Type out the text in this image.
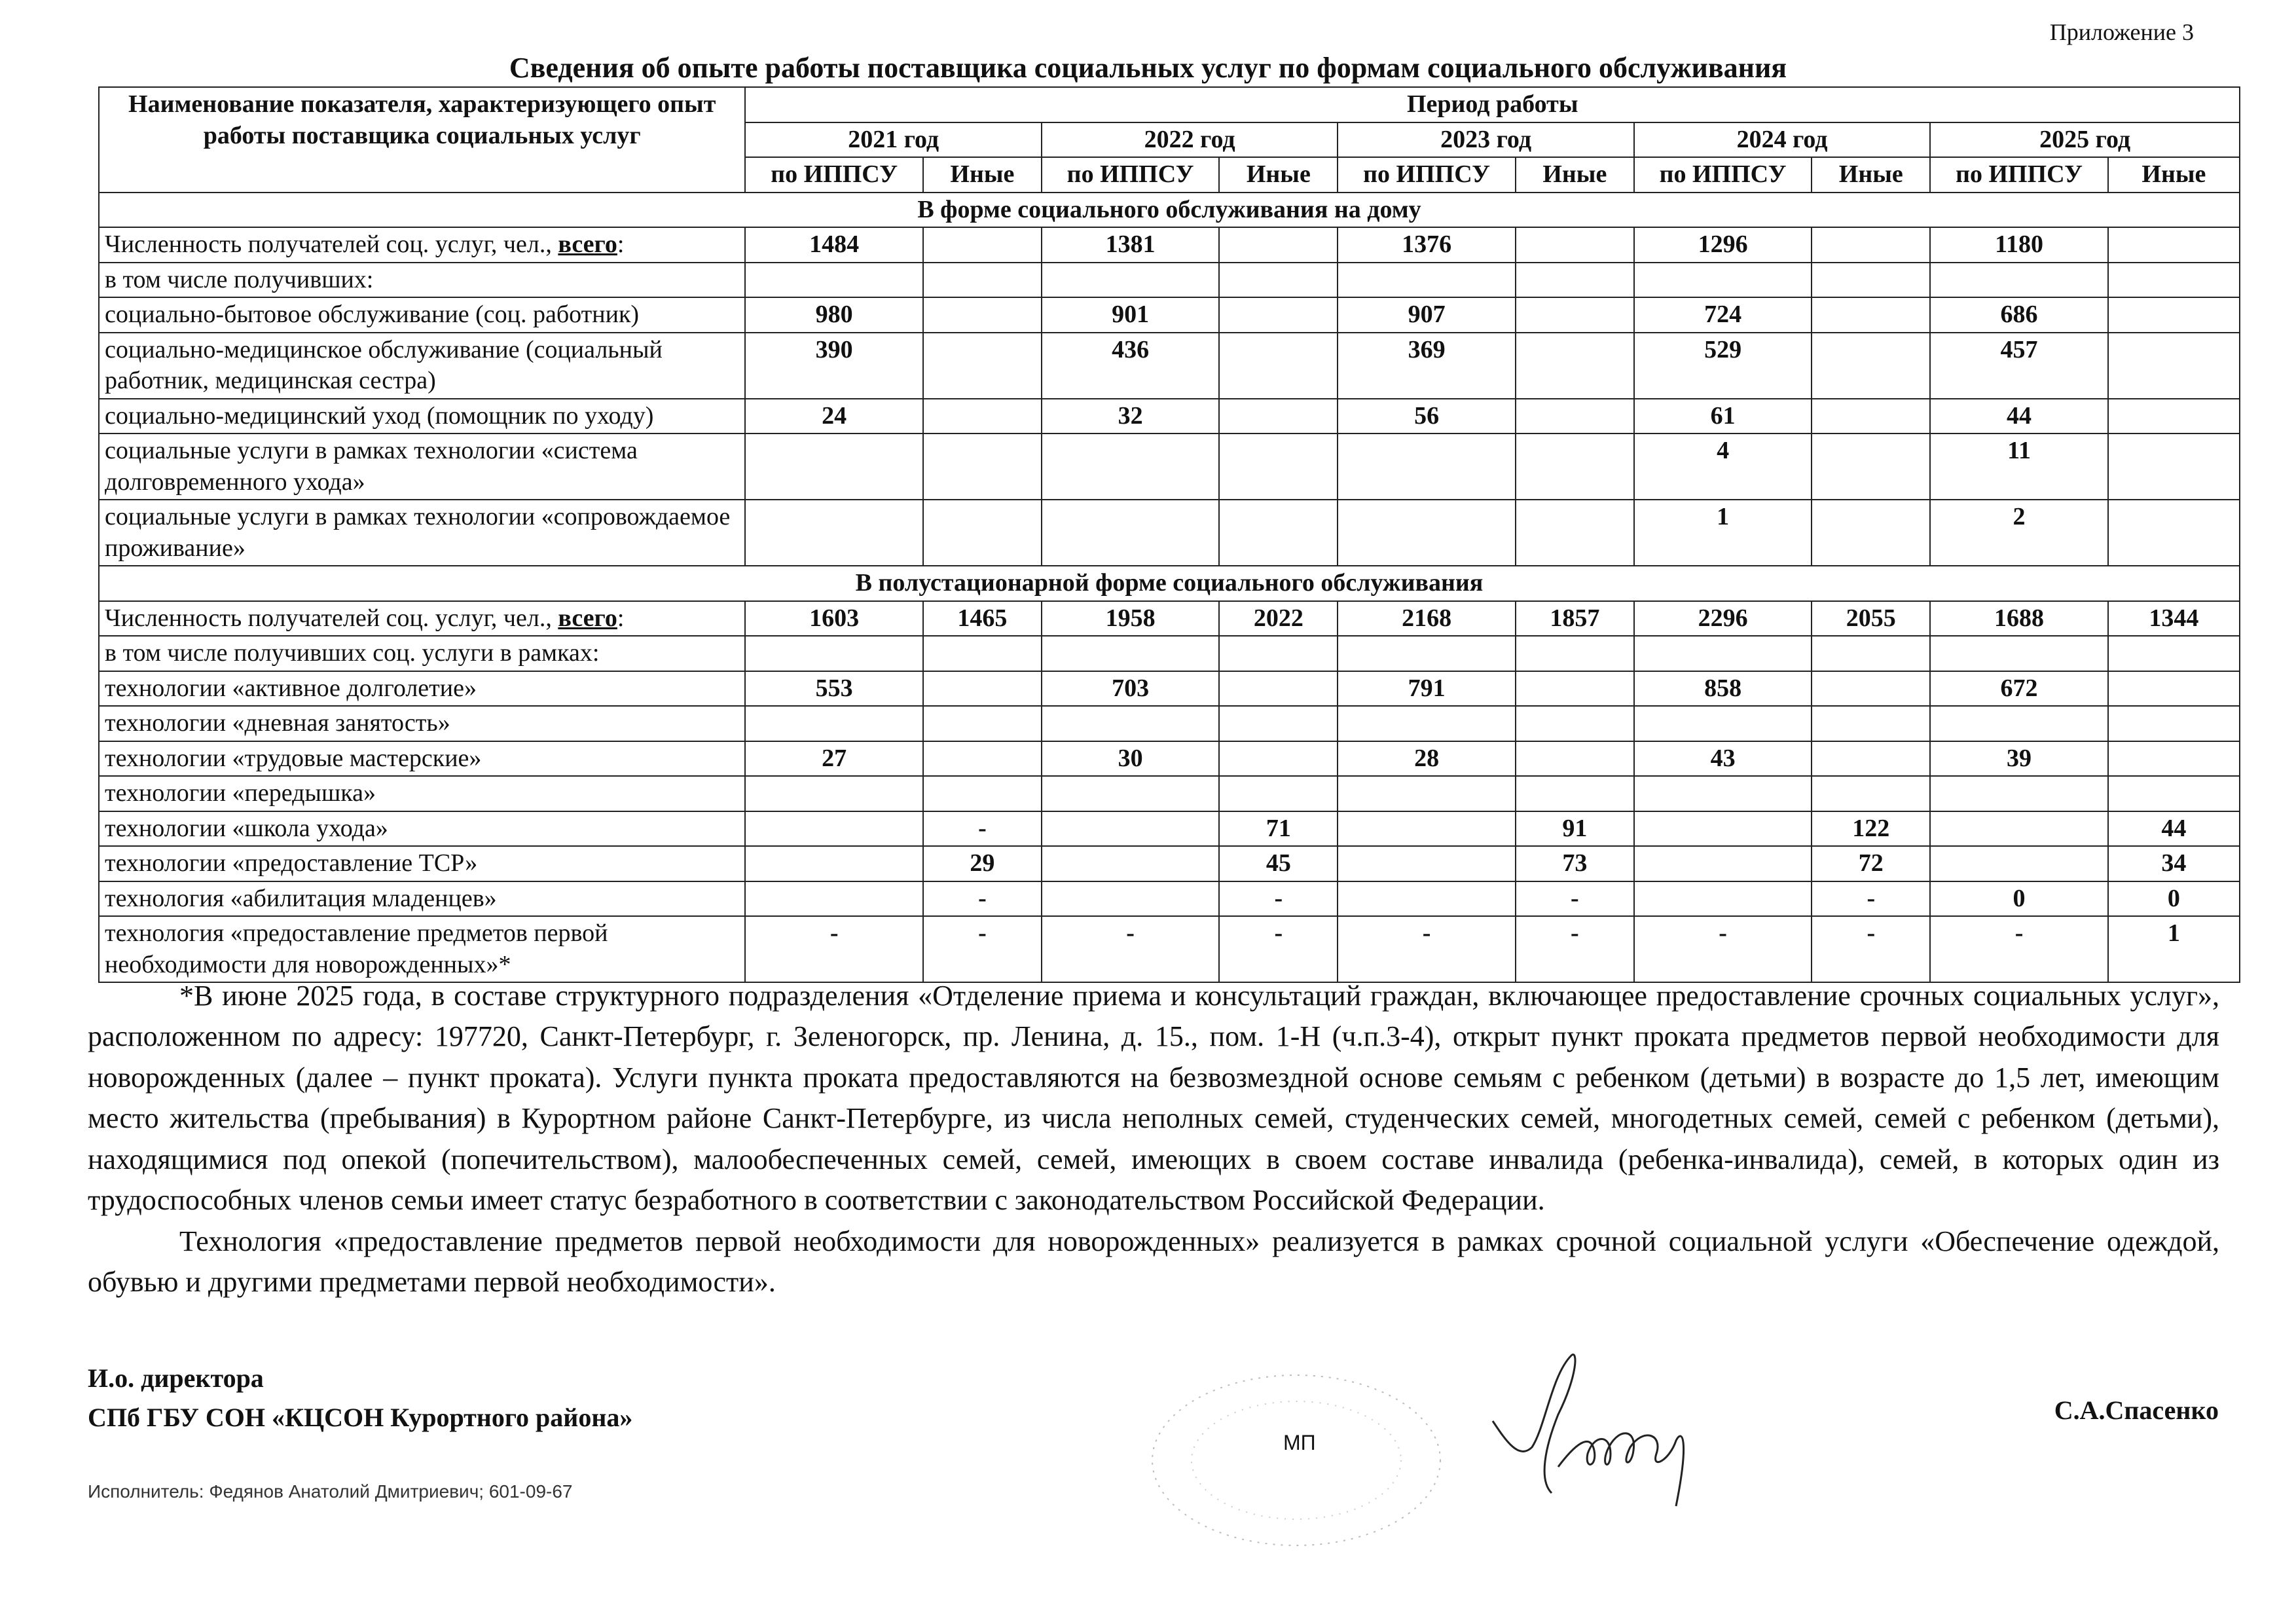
Приложение 3
Сведения об опыте работы поставщика социальных услуг по формам социального обслуживания
Наименование показателя, характеризующего опыт работы поставщика социальных услуг	Период работы									
	2021 год		2022 год		2023 год		2024 год		2025 год	
	по ИППСУ	Иные	по ИППСУ	Иные	по ИППСУ	Иные	по ИППСУ	Иные	по ИППСУ	Иные
В форме социального обслуживания на дому										
Численность получателей соц. услуг, чел., всего:	1484		1381		1376		1296		1180	
в том числе получивших:										
социально-бытовое обслуживание (соц. работник)	980		901		907		724		686	
социально-медицинское обслуживание (социальный работник, медицинская сестра)	390		436		369		529		457	
социально-медицинский уход (помощник по уходу)	24		32		56		61		44	
социальные услуги в рамках технологии «система долговременного ухода»							4		11	
социальные услуги в рамках технологии «сопровождаемое проживание»							1		2	
В полустационарной форме социального обслуживания										
Численность получателей соц. услуг, чел., всего:	1603	1465	1958	2022	2168	1857	2296	2055	1688	1344
в том числе получивших соц. услуги в рамках:										
технологии «активное долголетие»	553		703		791		858		672	
технологии «дневная занятость»										
технологии «трудовые мастерские»	27		30		28		43		39	
технологии «передышка»										
технологии «школа ухода»		-		71		91		122		44
технологии «предоставление ТСР»		29		45		73		72		34
технология «абилитация младенцев»		-		-		-		-	0	0
технология «предоставление предметов первой необходимости для новорожденных»*	-	-	-	-	-	-	-	-	-	1

*В июне 2025 года, в составе структурного подразделения «Отделение приема и консультаций граждан, включающее предоставление срочных социальных услуг», расположенном по адресу: 197720, Санкт-Петербург, г. Зеленогорск, пр. Ленина, д. 15., пом. 1-Н (ч.п.3-4), открыт пункт проката предметов первой необходимости для новорожденных (далее – пункт проката). Услуги пункта проката предоставляются на безвозмездной основе семьям с ребенком (детьми) в возрасте до 1,5 лет, имеющим место жительства (пребывания) в Курортном районе Санкт-Петербурге, из числа неполных семей, студенческих семей, многодетных семей, семей с ребенком (детьми), находящимися под опекой (попечительством), малообеспеченных семей, семей, имеющих в своем составе инвалида (ребенка-инвалида), семей, в которых один из трудоспособных членов семьи имеет статус безработного в соответствии с законодательством Российской Федерации.

Технология «предоставление предметов первой необходимости для новорожденных» реализуется в рамках срочной социальной услуги «Обеспечение одеждой, обувью и другими предметами первой необходимости».

И.о. директора
СПб ГБУ СОН «КЦСОН Курортного района»
МП
С.А.Спасенко
Исполнитель: Федянов Анатолий Дмитриевич; 601-09-67
